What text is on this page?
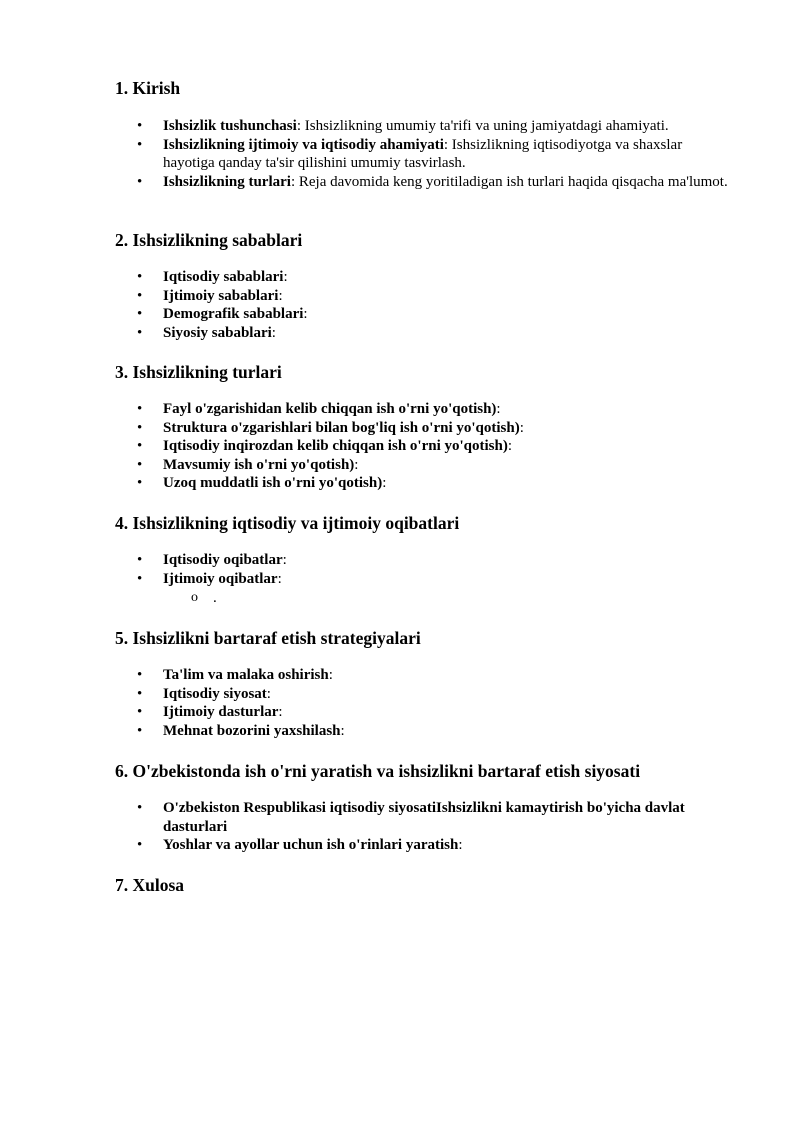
1. Kirish
• Ishsizlik tushunchasi: Ishsizlikning umumiy ta'rifi va uning jamiyatdagi ahamiyati.
• Ishsizlikning ijtimoiy va iqtisodiy ahamiyati: Ishsizlikning iqtisodiyotga va shaxslar hayotiga qanday ta'sir qilishini umumiy tasvirlash.
• Ishsizlikning turlari: Reja davomida keng yoritiladigan ish turlari haqida qisqacha ma'lumot.
2. Ishsizlikning sabablari
• Iqtisodiy sabablari:
• Ijtimoiy sabablari:
• Demografik sabablari:
• Siyosiy sabablari:
3. Ishsizlikning turlari
• Fayl o'zgarishidan kelib chiqqan ish o'rni yo'qotish):
• Struktura o'zgarishlari bilan bog'liq ish o'rni yo'qotish):
• Iqtisodiy inqirozdan kelib chiqqan ish o'rni yo'qotish):
• Mavsumiy ish o'rni yo'qotish):
• Uzoq muddatli ish o'rni yo'qotish):
4. Ishsizlikning iqtisodiy va ijtimoiy oqibatlari
• Iqtisodiy oqibatlar:
• Ijtimoiy oqibatlar:
o .
5. Ishsizlikni bartaraf etish strategiyalari
• Ta'lim va malaka oshirish:
• Iqtisodiy siyosat:
• Ijtimoiy dasturlar:
• Mehnat bozorini yaxshilash:
6. O'zbekistonda ish o'rni yaratish va ishsizlikni bartaraf etish siyosati
• O'zbekiston Respublikasi iqtisodiy siyosatiIshsizlikni kamaytirish bo'yicha davlat dasturlari
• Yoshlar va ayollar uchun ish o'rinlari yaratish:
7. Xulosa
